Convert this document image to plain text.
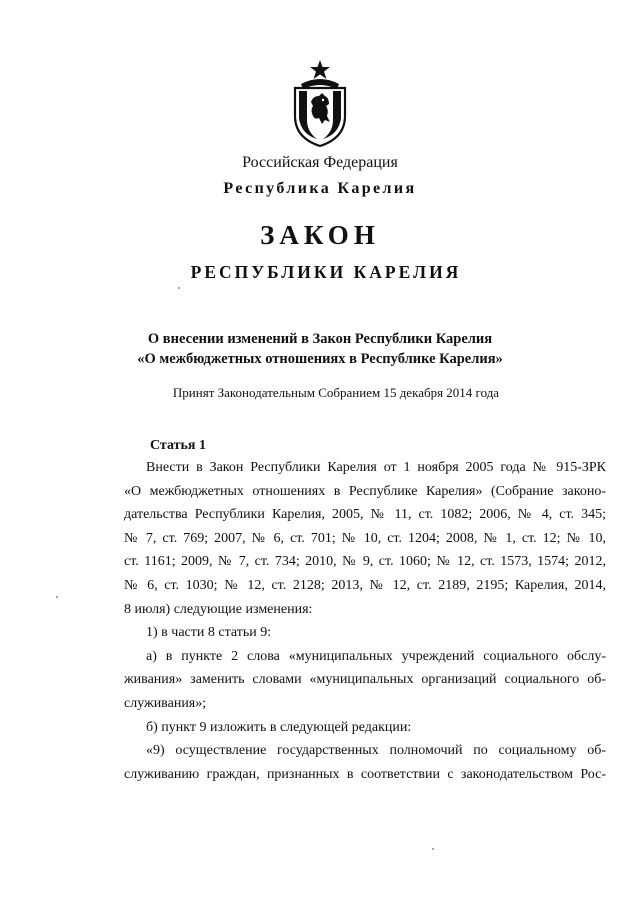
Российская Федерация
Республика Карелия
ЗАКОН
РЕСПУБЛИКИ КАРЕЛИЯ
О внесении изменений в Закон Республики Карелия
«О межбюджетных отношениях в Республике Карелия»
Принят Законодательным Собранием 15 декабря 2014 года
Статья 1

Внести в Закон Республики Карелия от 1 ноября 2005 года № 915-ЗРК

«О межбюджетных отношениях в Республике Карелия» (Собрание законо-

дательства Республики Карелия, 2005, № 11, ст. 1082; 2006, № 4, ст. 345;

№ 7, ст. 769; 2007, № 6, ст. 701; № 10, ст. 1204; 2008, № 1, ст. 12; № 10,

ст. 1161; 2009, № 7, ст. 734; 2010, № 9, ст. 1060; № 12, ст. 1573, 1574; 2012,

№ 6, ст. 1030; № 12, ст. 2128; 2013, № 12, ст. 2189, 2195; Карелия, 2014,

8 июля) следующие изменения:

1) в части 8 статьи 9:

а) в пункте 2 слова «муниципальных учреждений социального обслу-

живания» заменить словами «муниципальных организаций социального об-

служивания»;

б) пункт 9 изложить в следующей редакции:

«9) осуществление государственных полномочий по социальному об-

служиванию граждан, признанных в соответствии с законодательством Рос-
